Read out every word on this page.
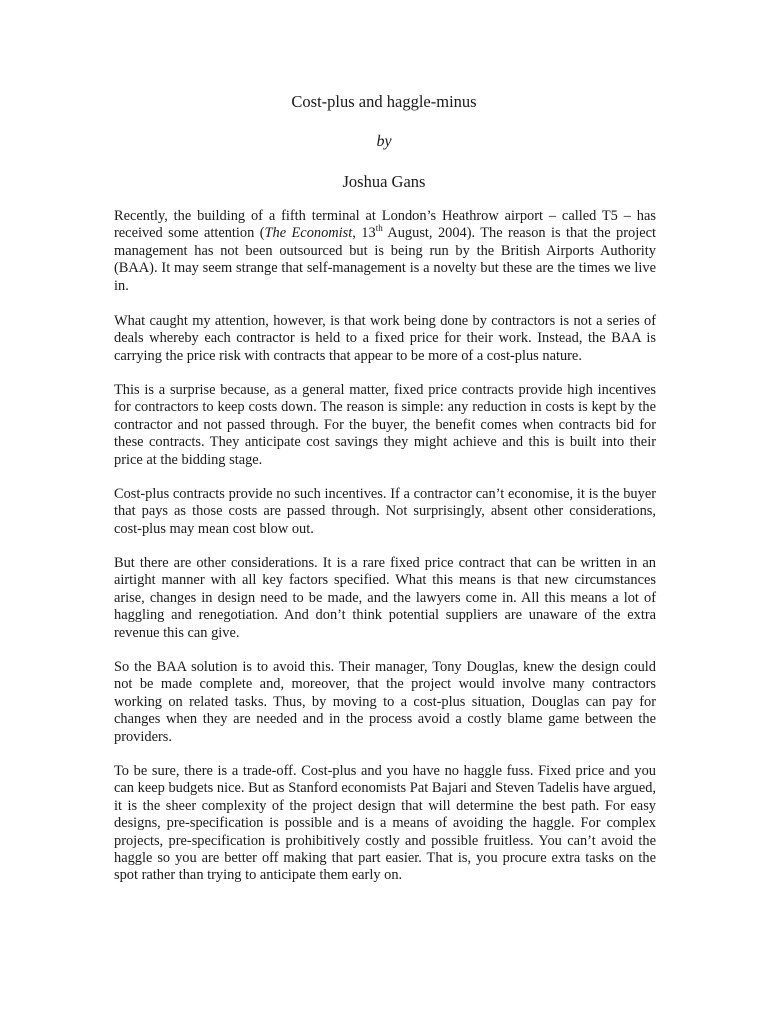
Cost-plus and haggle-minus
by
Joshua Gans

Recently, the building of a fifth terminal at London’s Heathrow airport – called T5 – has received some attention (The Economist, 13th August, 2004). The reason is that the project management has not been outsourced but is being run by the British Airports Authority (BAA). It may seem strange that self-management is a novelty but these are the times we live in.

What caught my attention, however, is that work being done by contractors is not a series of deals whereby each contractor is held to a fixed price for their work. Instead, the BAA is carrying the price risk with contracts that appear to be more of a cost-plus nature.

This is a surprise because, as a general matter, fixed price contracts provide high incentives for contractors to keep costs down. The reason is simple: any reduction in costs is kept by the contractor and not passed through. For the buyer, the benefit comes when contracts bid for these contracts. They anticipate cost savings they might achieve and this is built into their price at the bidding stage.

Cost-plus contracts provide no such incentives. If a contractor can’t economise, it is the buyer that pays as those costs are passed through. Not surprisingly, absent other considerations, cost-plus may mean cost blow out.

But there are other considerations. It is a rare fixed price contract that can be written in an airtight manner with all key factors specified. What this means is that new circumstances arise, changes in design need to be made, and the lawyers come in. All this means a lot of haggling and renegotiation. And don’t think potential suppliers are unaware of the extra revenue this can give.

So the BAA solution is to avoid this. Their manager, Tony Douglas, knew the design could not be made complete and, moreover, that the project would involve many contractors working on related tasks. Thus, by moving to a cost-plus situation, Douglas can pay for changes when they are needed and in the process avoid a costly blame game between the providers.

To be sure, there is a trade-off. Cost-plus and you have no haggle fuss. Fixed price and you can keep budgets nice. But as Stanford economists Pat Bajari and Steven Tadelis have argued, it is the sheer complexity of the project design that will determine the best path. For easy designs, pre-specification is possible and is a means of avoiding the haggle. For complex projects, pre-specification is prohibitively costly and possible fruitless. You can’t avoid the haggle so you are better off making that part easier. That is, you procure extra tasks on the spot rather than trying to anticipate them early on.
